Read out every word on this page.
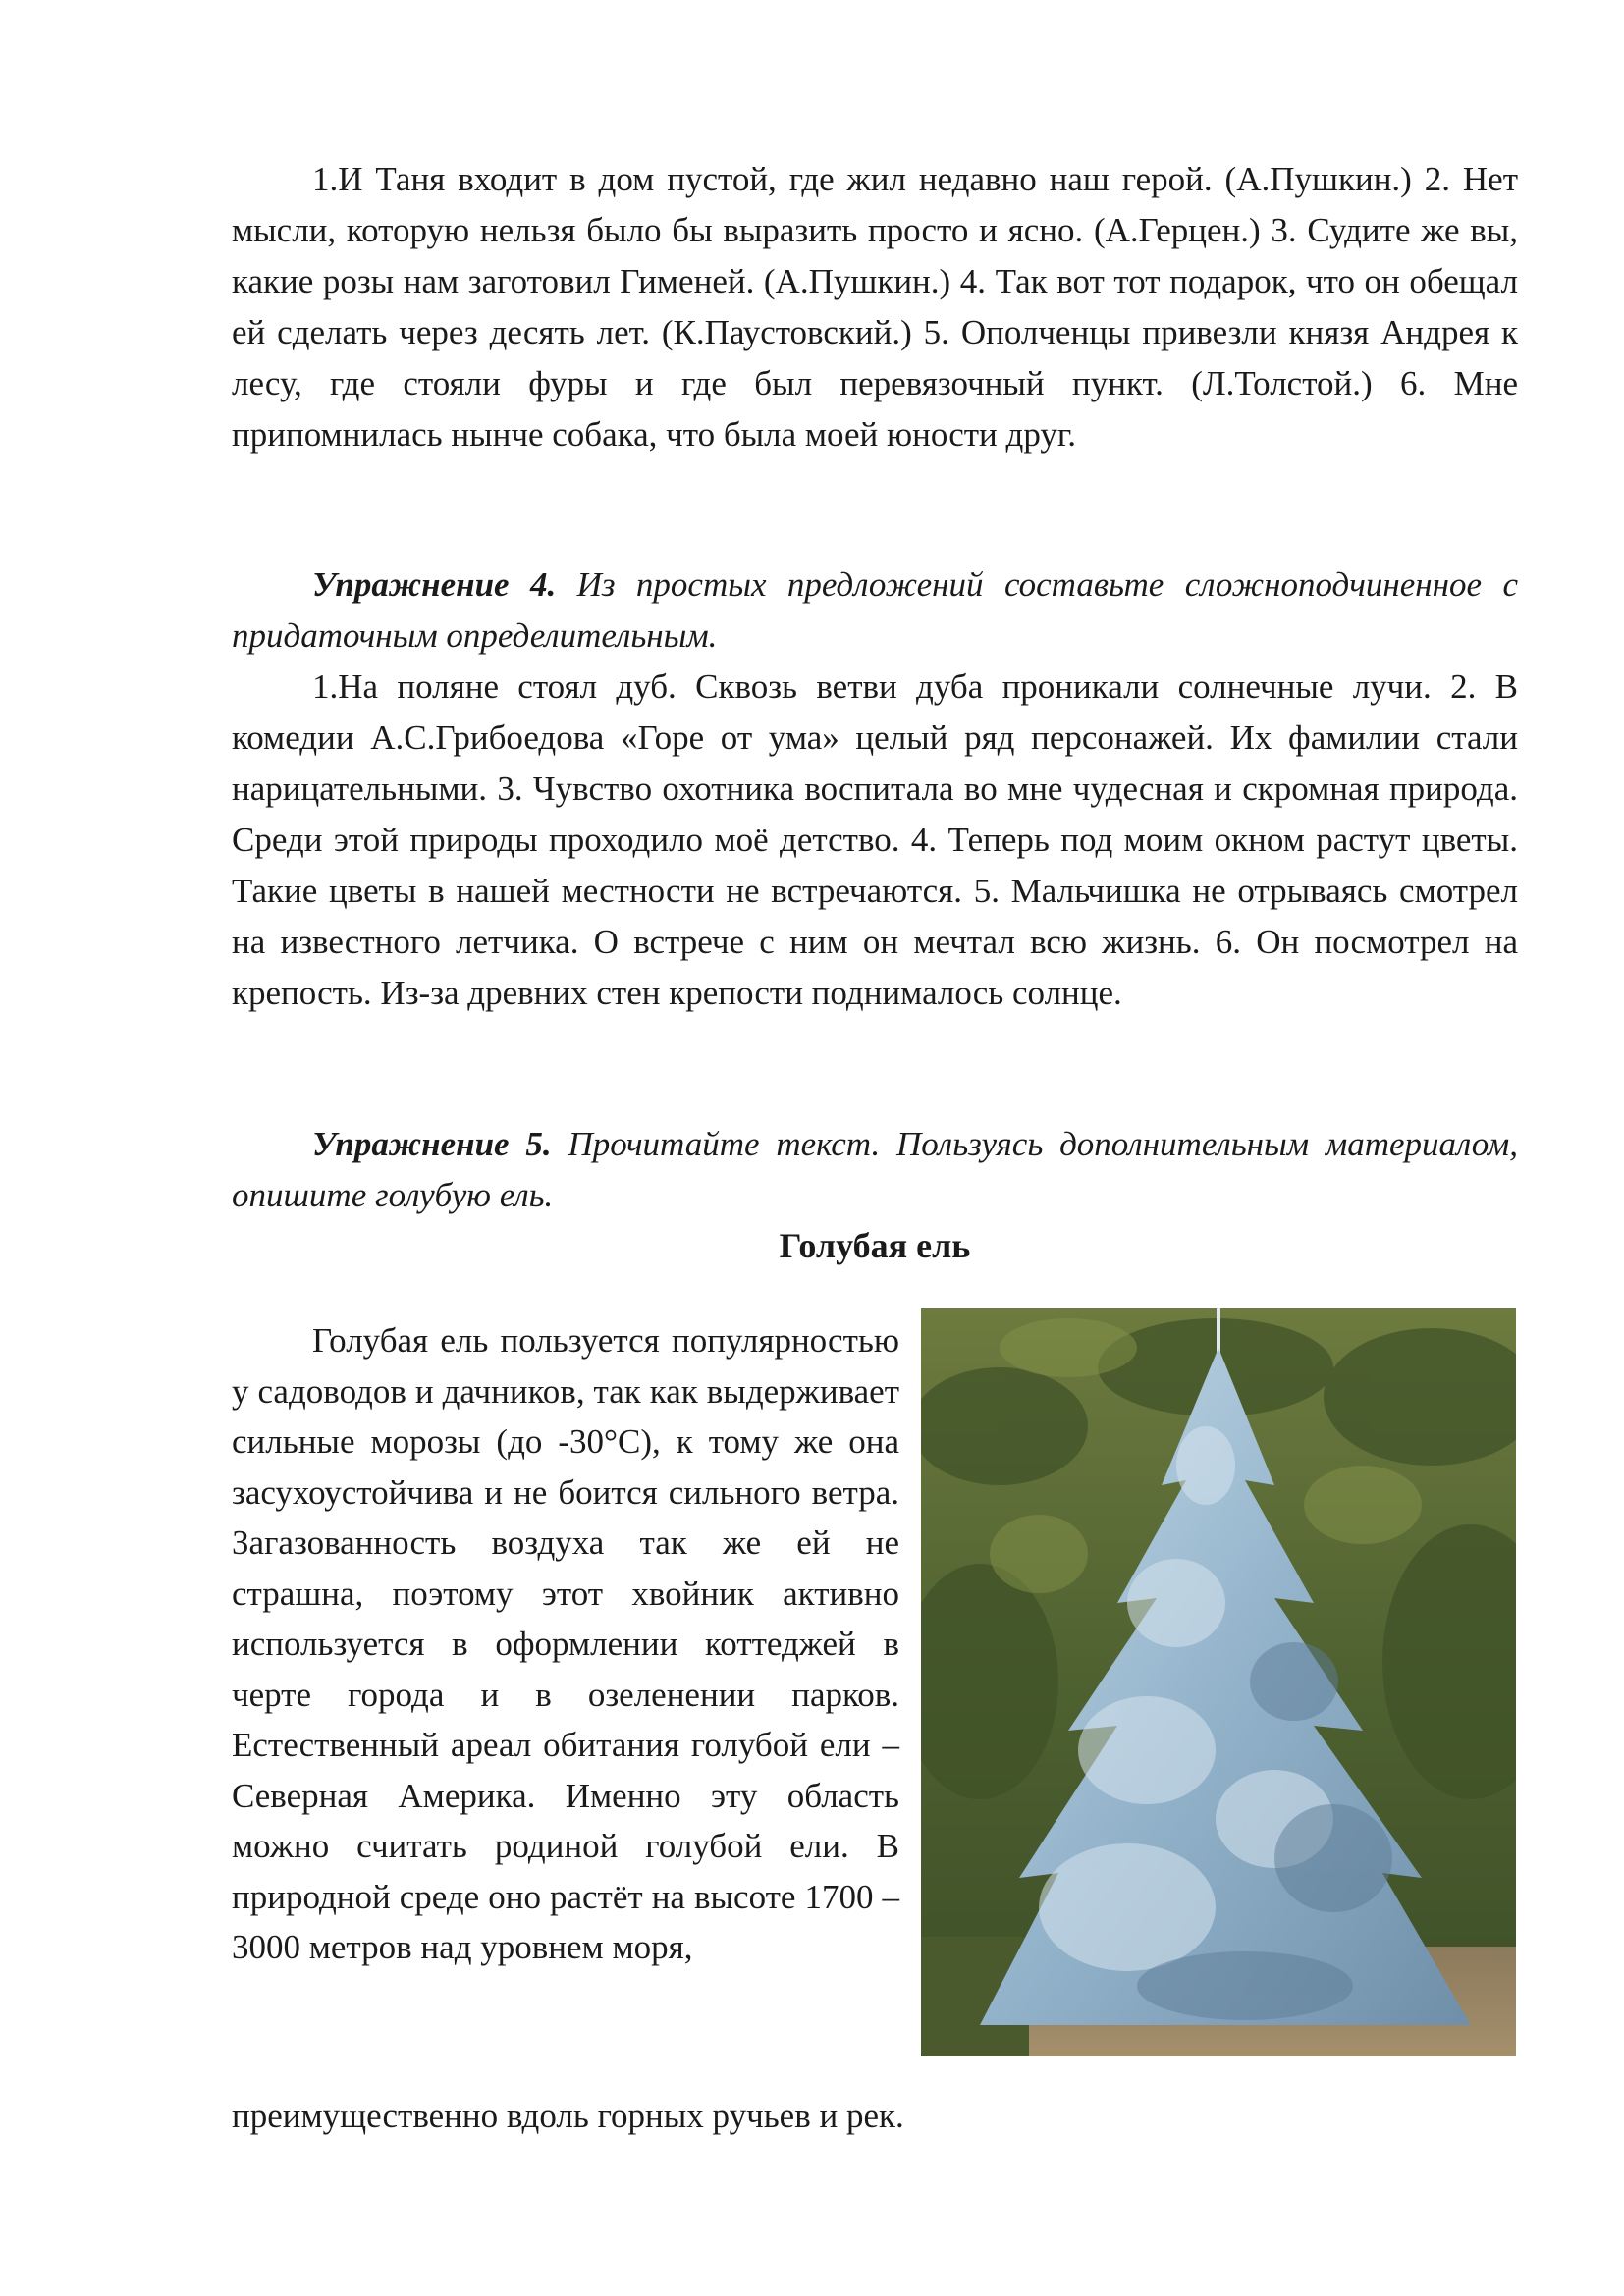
1.И Таня входит в дом пустой, где жил недавно наш герой. (А.Пушкин.) 2. Нет мысли, которую нельзя было бы выразить просто и ясно. (А.Герцен.) 3. Судите же вы, какие розы нам заготовил Гименей. (А.Пушкин.) 4. Так вот тот подарок, что он обещал ей сделать через десять лет. (К.Паустовский.) 5. Ополченцы привезли князя Андрея к лесу, где стояли фуры и где был перевязочный пункт. (Л.Толстой.) 6. Мне припомнилась нынче собака, что была моей юности друг.

Упражнение 4. Из простых предложений составьте сложноподчиненное с придаточным определительным.

1.На поляне стоял дуб. Сквозь ветви дуба проникали солнечные лучи. 2. В комедии А.С.Грибоедова «Горе от ума» целый ряд персонажей. Их фамилии стали нарицательными. 3. Чувство охотника воспитала во мне чудесная и скромная природа. Среди этой природы проходило моё детство. 4. Теперь под моим окном растут цветы. Такие цветы в нашей местности не встречаются. 5. Мальчишка не отрываясь смотрел на известного летчика. О встрече с ним он мечтал всю жизнь. 6. Он посмотрел на крепость. Из-за древних стен крепости поднималось солнце.

Упражнение 5. Прочитайте текст. Пользуясь дополнительным материалом, опишите голубую ель.

Голубая ель
Голубая ель пользуется популярностью у садоводов и дачников, так как выдерживает сильные морозы (до -30°С), к тому же она засухоустойчива и не боится сильного ветра. Загазованность воздуха так же ей не страшна, поэтому этот хвойник активно используется в оформлении коттеджей в черте города и в озеленении парков. Естественный ареал обитания голубой ели – Северная Америка. Именно эту область можно считать родиной голубой ели. В природной среде оно растёт на высоте 1700 – 3000 метров над уровнем моря,
преимущественно вдоль горных ручьев и рек.
